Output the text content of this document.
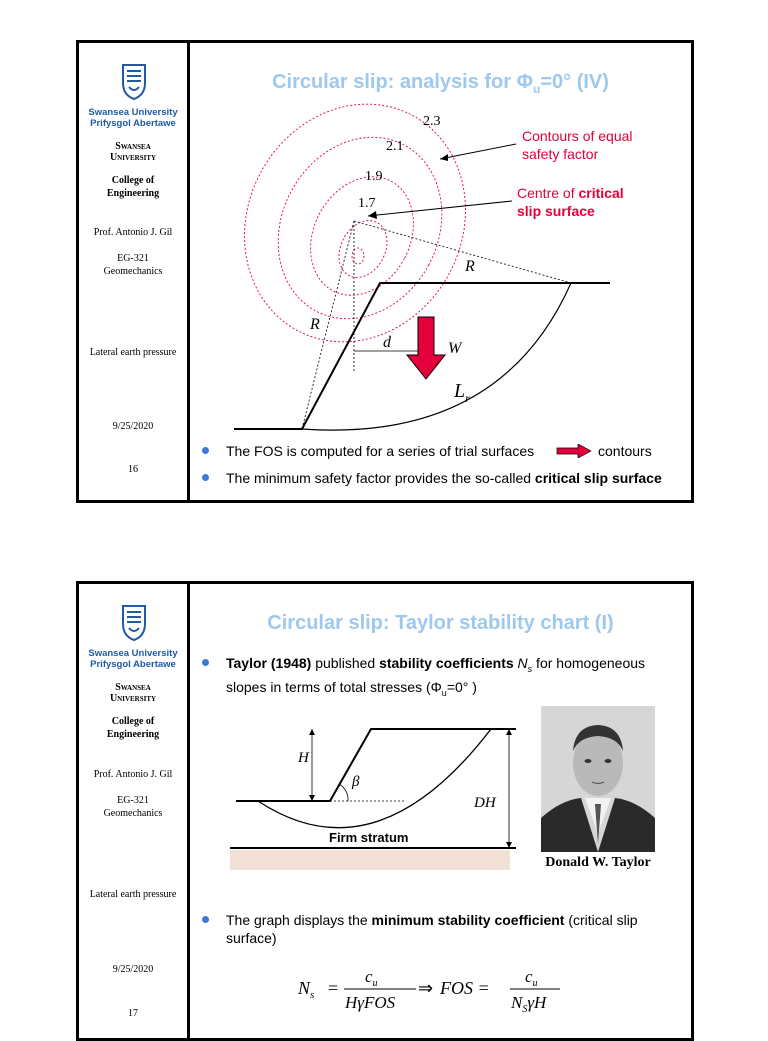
Swansea University
Prifysgol Abertawe
Swansea
University
College of
Engineering
Prof. Antonio J. Gil
EG-321
Geomechanics
Lateral earth pressure
9/25/2020
16
Circular slip: analysis for $\Phi_u=0^\circ$ (IV)
2.3
2.1
1.9
1.7
Contours of equal safety factor
Centre of critical slip surface
R
R
d	W
$L_r$
The FOS is computed for a series of trial surfaces	contours
The minimum safety factor provides the so-called critical slip surface
Swansea University
Prifysgol Abertawe
Swansea
University
College of
Engineering
Prof. Antonio J. Gil
EG-321
Geomechanics
Lateral earth pressure
9/25/2020
17
Circular slip: Taylor stability chart (I)
Taylor (1948) published stability coefficients $N_s$ for homogeneous
slopes in terms of total stresses ($\Phi_u=0^\circ$ )
β
H
DH
Firm stratum
Donald W. Taylor
The graph displays the minimum stability coefficient (critical slip
surface)
$N_s$ =
$c_u$
HγFOS
⇒ FOS =
$c_u$
$N_S\gamma H$
